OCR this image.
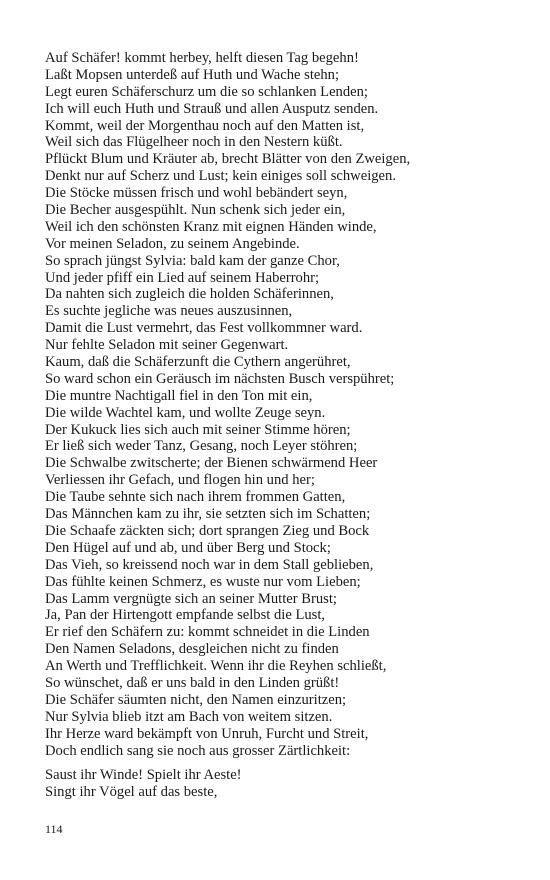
Auf Schäfer! kommt herbey, helft diesen Tag begehn!
Laßt Mopsen unterdeß auf Huth und Wache stehn;
Legt euren Schäferschurz um die so schlanken Lenden;
Ich will euch Huth und Strauß und allen Ausputz senden.
Kommt, weil der Morgenthau noch auf den Matten ist,
Weil sich das Flügelheer noch in den Nestern küßt.
Pflückt Blum und Kräuter ab, brecht Blätter von den Zweigen,
Denkt nur auf Scherz und Lust; kein einiges soll schweigen.
Die Stöcke müssen frisch und wohl bebändert seyn,
Die Becher ausgespühlt. Nun schenk sich jeder ein,
Weil ich den schönsten Kranz mit eignen Händen winde,
Vor meinen Seladon, zu seinem Angebinde.
So sprach jüngst Sylvia: bald kam der ganze Chor,
Und jeder pfiff ein Lied auf seinem Haberrohr;
Da nahten sich zugleich die holden Schäferinnen,
Es suchte jegliche was neues auszusinnen,
Damit die Lust vermehrt, das Fest vollkommner ward.
Nur fehlte Seladon mit seiner Gegenwart.
Kaum, daß die Schäferzunft die Cythern angerühret,
So ward schon ein Geräusch im nächsten Busch verspühret;
Die muntre Nachtigall fiel in den Ton mit ein,
Die wilde Wachtel kam, und wollte Zeuge seyn.
Der Kukuck lies sich auch mit seiner Stimme hören;
Er ließ sich weder Tanz, Gesang, noch Leyer stöhren;
Die Schwalbe zwitscherte; der Bienen schwärmend Heer
Verliessen ihr Gefach, und flogen hin und her;
Die Taube sehnte sich nach ihrem frommen Gatten,
Das Männchen kam zu ihr, sie setzten sich im Schatten;
Die Schaafe zäckten sich; dort sprangen Zieg und Bock
Den Hügel auf und ab, und über Berg und Stock;
Das Vieh, so kreissend noch war in dem Stall geblieben,
Das fühlte keinen Schmerz, es wuste nur vom Lieben;
Das Lamm vergnügte sich an seiner Mutter Brust;
Ja, Pan der Hirtengott empfande selbst die Lust,
Er rief den Schäfern zu: kommt schneidet in die Linden
Den Namen Seladons, desgleichen nicht zu finden
An Werth und Trefflichkeit. Wenn ihr die Reyhen schließt,
So wünschet, daß er uns bald in den Linden grüßt!
Die Schäfer säumten nicht, den Namen einzuritzen;
Nur Sylvia blieb itzt am Bach von weitem sitzen.
Ihr Herze ward bekämpft von Unruh, Furcht und Streit,
Doch endlich sang sie noch aus grosser Zärtlichkeit:
Saust ihr Winde! Spielt ihr Aeste!
Singt ihr Vögel auf das beste,
114
